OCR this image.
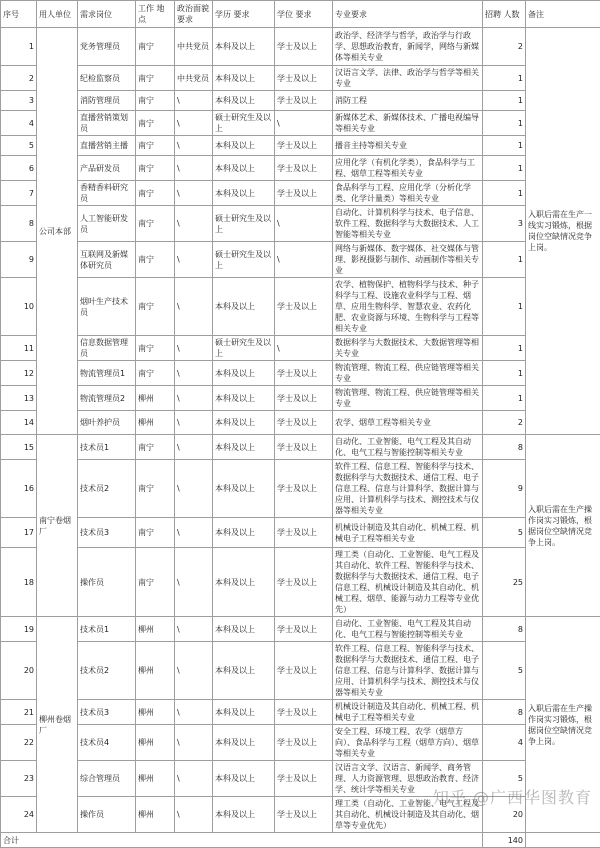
序号	用人单位	需求岗位	工作 地点	政治面貌要求	学历 要求	学位 要求	专业要求	招聘 人数	备注
1	公司本部	党务管理员	南宁	中共党员	本科及以上	学士及以上	政治学、经济学与哲学，政治学与行政学、思想政治教育，新闻学，网络与新媒体等相关专业	2	入职后需在生产一线实习锻炼，根据岗位空缺情况竞争上岗。
2		纪检监察员	南宁	中共党员	本科及以上	学士及以上	汉语言文学、法律、政治学与哲学等相关专业	1	
3		消防管理员	南宁	\	本科及以上	学士及以上	消防工程	1	
4		直播营销策划员	南宁	\	硕士研究生及以上	\	新媒体艺术、新媒体技术、广播电视编导等相关专业	1	
5		直播营销主播	南宁	\	本科及以上	学士及以上	播音主持等相关专业	1	
6		产品研发员	南宁	\	本科及以上	学士及以上	应用化学（有机化学类），食品科学与工程、烟草工程等相关专业	1	
7		香精香料研究员	南宁	\	本科及以上	学士及以上	食品科学与工程、应用化学（分析化学类、化学计量类）等相关专业	1	
8		人工智能研发员	南宁	\	硕士研究生及以上	\	自动化、计算机科学与技术、电子信息、软件工程、数据科学与大数据技术、人工智能等相关专业	3	
9		互联网及新媒体研究员	南宁	\	硕士研究生及以上	\	网络与新媒体、数字媒体、社交媒体与管理、影视摄影与制作、动画制作等相关专业	1	
10		烟叶生产技术员	南宁	\	本科及以上	学士及以上	农学、植物保护、植物科学与技术、种子科学与工程、设施农业科学与工程、烟草、应用生物科学、智慧农业、农药化肥、农业资源与环境、生物科学与工程等相关专业	1	
11		信息数据管理员	南宁	\	硕士研究生及以上	\	数据科学与大数据技术、大数据管理等相关专业	1	
12		物流管理员1	南宁	\	本科及以上	学士及以上	物流管理、物流工程、供应链管理等相关专业	1	
13		物流管理员2	柳州	\	本科及以上	学士及以上	物流管理、物流工程、供应链管理等相关专业	1	
14		烟叶养护员	柳州	\	本科及以上	学士及以上	农学、烟草工程等相关专业	2	
15	南宁卷烟厂	技术员1	南宁	\	本科及以上	学士及以上	自动化、工业智能、电气工程及其自动化、电气工程与智能控制等相关专业	8	入职后需在生产操作岗实习锻炼，根据岗位空缺情况竞争上岗。
16		技术员2	南宁	\	本科及以上	学士及以上	软件工程、信息工程、智能科学与技术、数据科学与大数据技术、通信工程、电子信息工程、信息与计算科学、数据计算与应用、计算机科学与技术、测控技术与仪器等相关专业	9	
17		技术员3	南宁	\	本科及以上	学士及以上	机械设计制造及其自动化、机械工程、机械电子工程等相关专业	5	
18		操作员	南宁	\	本科及以上	学士及以上	理工类（自动化、工业智能、电气工程及其自动化、软件工程、智能科学与技术、数据科学与大数据技术、通信工程、电子信息工程、机械设计制造及其自动化、机械工程、烟草、能源与动力工程等专业优先）	25	
19	柳州卷烟厂	技术员1	柳州	\	本科及以上	学士及以上	自动化、工业智能、电气工程及其自动化、电气工程与智能控制等相关专业	8	入职后需在生产操作岗实习锻炼，根据岗位空缺情况竞争上岗。
20		技术员2	柳州	\	本科及以上	学士及以上	软件工程、信息工程、智能科学与技术、数据科学与大数据技术、通信工程、电子信息工程、信息与计算科学、数据计算与应用、计算机科学与技术、测控技术与仪器等相关专业	5	
21		技术员3	柳州	\	本科及以上	学士及以上	机械设计制造及其自动化、机械工程、机械电子工程等相关专业	8	
22		技术员4	柳州	\	本科及以上	学士及以上	安全工程、环境工程、农学（烟草方向）、食品科学与工程（烟草方向）、烟草等相关专业	4	
23		综合管理员	柳州	\	本科及以上	学士及以上	汉语言文学、汉语言、新闻学、商务管理、人力资源管理、思想政治教育、经济学、统计学等相关专业	5	
24		操作员	柳州	\	本科及以上	学士及以上	理工类（自动化、工业智能、电气工程及其自动化、机械设计制造及其自动化、烟草等专业优先）	20	
合计								140	
知乎 @广西华图教育
